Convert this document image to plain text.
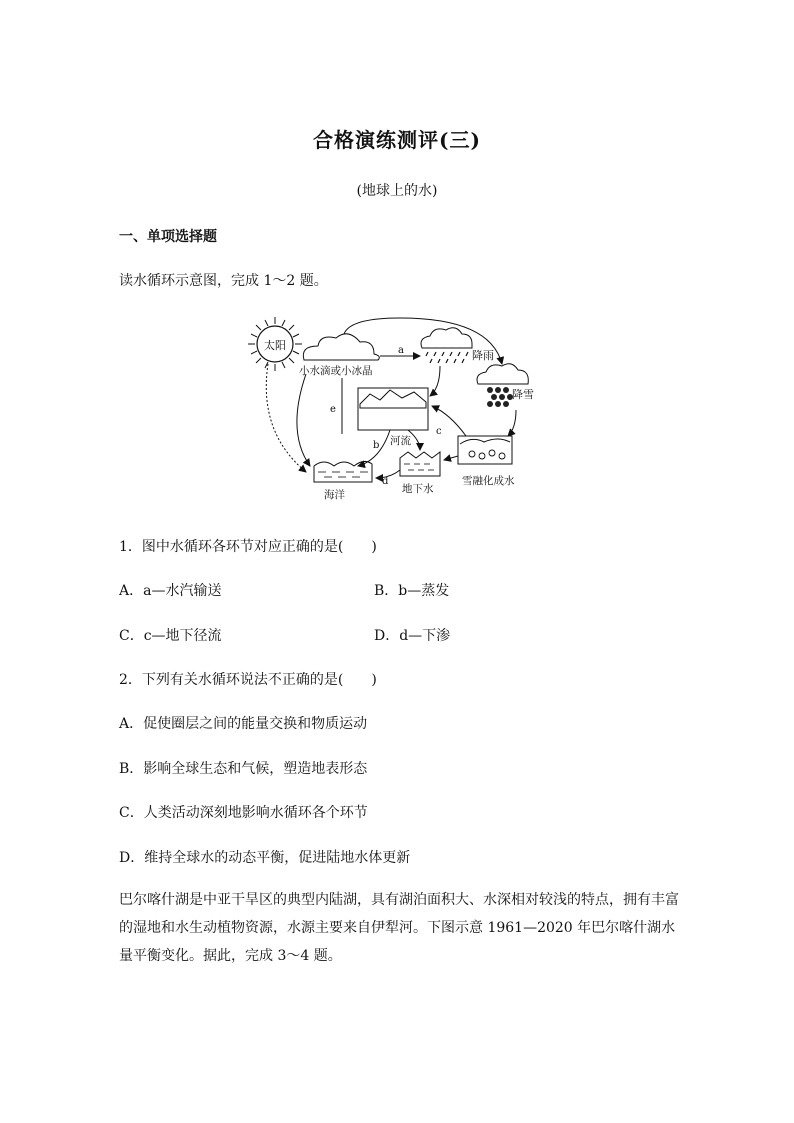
合格演练测评(三)
(地球上的水)
一、单项选择题
读水循环示意图，完成 1～2 题。
太阳
小水滴或小冰晶
降雨
降雪
雪融化成水
地下水
海洋
河流
a
b
c
d
e
1．图中水循环各环节对应正确的是(　　)
A．a—水汽输送	B．b—蒸发
C．c—地下径流	D．d—下渗
2．下列有关水循环说法不正确的是(　　)
A．促使圈层之间的能量交换和物质运动
B．影响全球生态和气候，塑造地表形态
C．人类活动深刻地影响水循环各个环节
D．维持全球水的动态平衡，促进陆地水体更新
巴尔喀什湖是中亚干旱区的典型内陆湖，具有湖泊面积大、水深相对较浅的特点，拥有丰富的湿地和水生动植物资源，水源主要来自伊犁河。下图示意 1961—2020 年巴尔喀什湖水量平衡变化。据此，完成 3～4 题。
